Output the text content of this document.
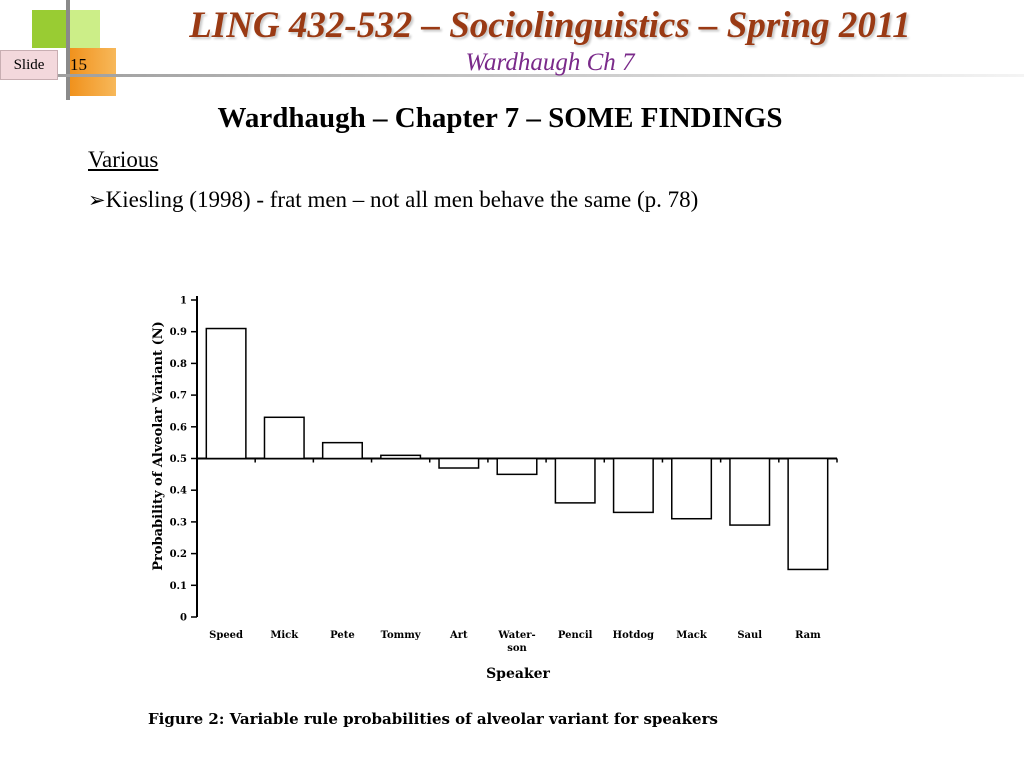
Slide	15
LING 432-532 – Sociolinguistics – Spring 2011
Wardhaugh Ch 7
Wardhaugh – Chapter 7 – SOME FINDINGS
Various
➢Kiesling (1998) - frat men – not all men behave the same (p. 78)
0
0.1
0.2
0.3
0.4
0.5
0.6
0.7
0.8
0.9
1
Speed	Mick	Pete	Tommy	Art	Water-son
Pencil Hotdog Mack	Saul	Ram
Probability of Alveolar Variant (N)
Speaker
Figure 2: Variable rule probabilities of alveolar variant for speakers
